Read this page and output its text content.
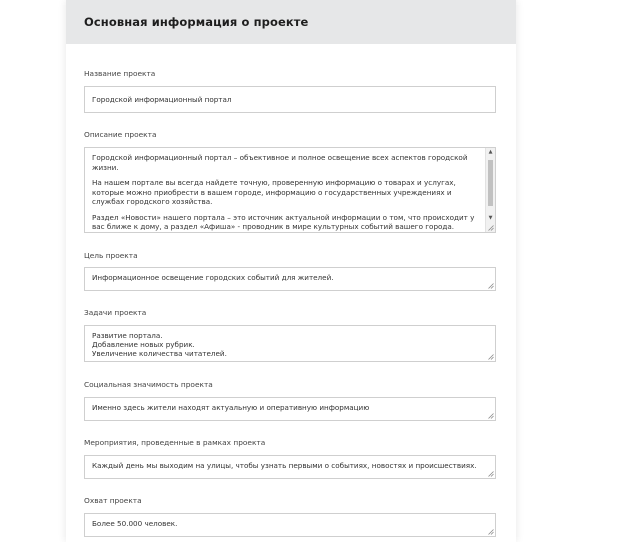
Основная информация о проекте
Название проекта
Городской информационный портал
Описание проекта

Городской информационный портал – объективное и полное освещение всех аспектов городской жизни.

На нашем портале вы всегда найдете точную, проверенную информацию о товарах и услугах, которые можно приобрести в вашем городе, информацию о государственных учреждениях и службах городского хозяйства.

Раздел «Новости» нашего портала – это источник актуальной информации о том, что происходит у вас ближе к дому, а раздел «Афиша» - проводник в мире культурных событий вашего города.

▲
▼
Цель проекта
Информационное освещение городских событий для жителей.
Задачи проекта
Развитие портала.
Добавление новых рубрик.
Увеличение количества читателей.
Социальная значимость проекта
Именно здесь жители находят актуальную и оперативную информацию
Мероприятия, проведенные в рамках проекта
Каждый день мы выходим на улицы, чтобы узнать первыми о событиях, новостях и происшествиях.
Охват проекта
Более 50.000 человек.
